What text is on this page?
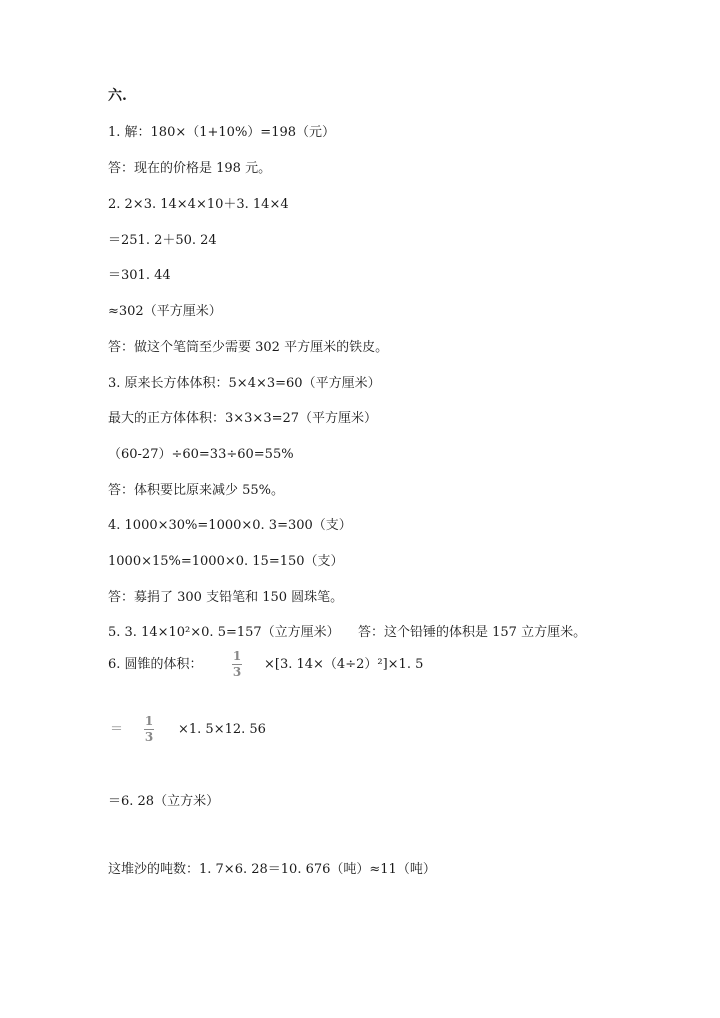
六.
1. 解：180×（1+10%）=198（元）
答：现在的价格是 198 元。
2. 2×3. 14×4×10＋3. 14×4
＝251. 2＋50. 24
＝301. 44
≈302（平方厘米）
答：做这个笔筒至少需要 302 平方厘米的铁皮。
3. 原来长方体体积：5×4×3=60（平方厘米）
最大的正方体体积：3×3×3=27（平方厘米）
（60-27）÷60=33÷60=55%
答：体积要比原来减少 55%。
4. 1000×30%=1000×0. 3=300（支）
1000×15%=1000×0. 15=150（支）
答：募捐了 300 支铅笔和 150 圆珠笔。
5. 3. 14×10²×0. 5=157（立方厘米） 答：这个铅锤的体积是 157 立方厘米。
6. 圆锥的体积：
1
3 ×[3. 14×（4÷2）²]×1. 5
＝
1
3 ×1. 5×12. 56
＝6. 28（立方米）
这堆沙的吨数：1. 7×6. 28＝10. 676（吨）≈11（吨）
